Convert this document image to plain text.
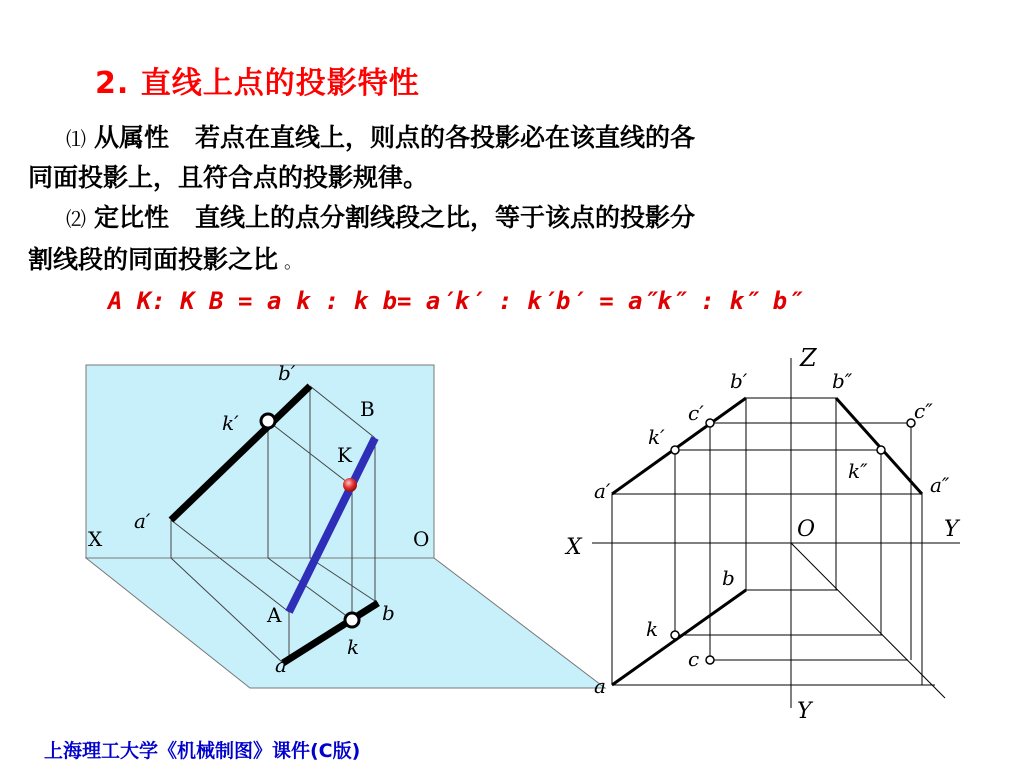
2. 直线上点的投影特性
⑴ 从属性 若点在直线上，则点的各投影必在该直线的各
同面投影上，且符合点的投影规律。
⑵ 定比性 直线上的点分割线段之比，等于该点的投影分
割线段的同面投影之比 。
A K: K B = a k : k b= a′k′ : k′b′ = a″k″ : k″ b″
b′
B
k′
K
a′
X	O
A	b
k
a
Z
b′	b″
c′	c″
k′
k″
a′	a″
X
O	Y
b
k
c
a
Y
上海理工大学《机械制图》课件(C版)
